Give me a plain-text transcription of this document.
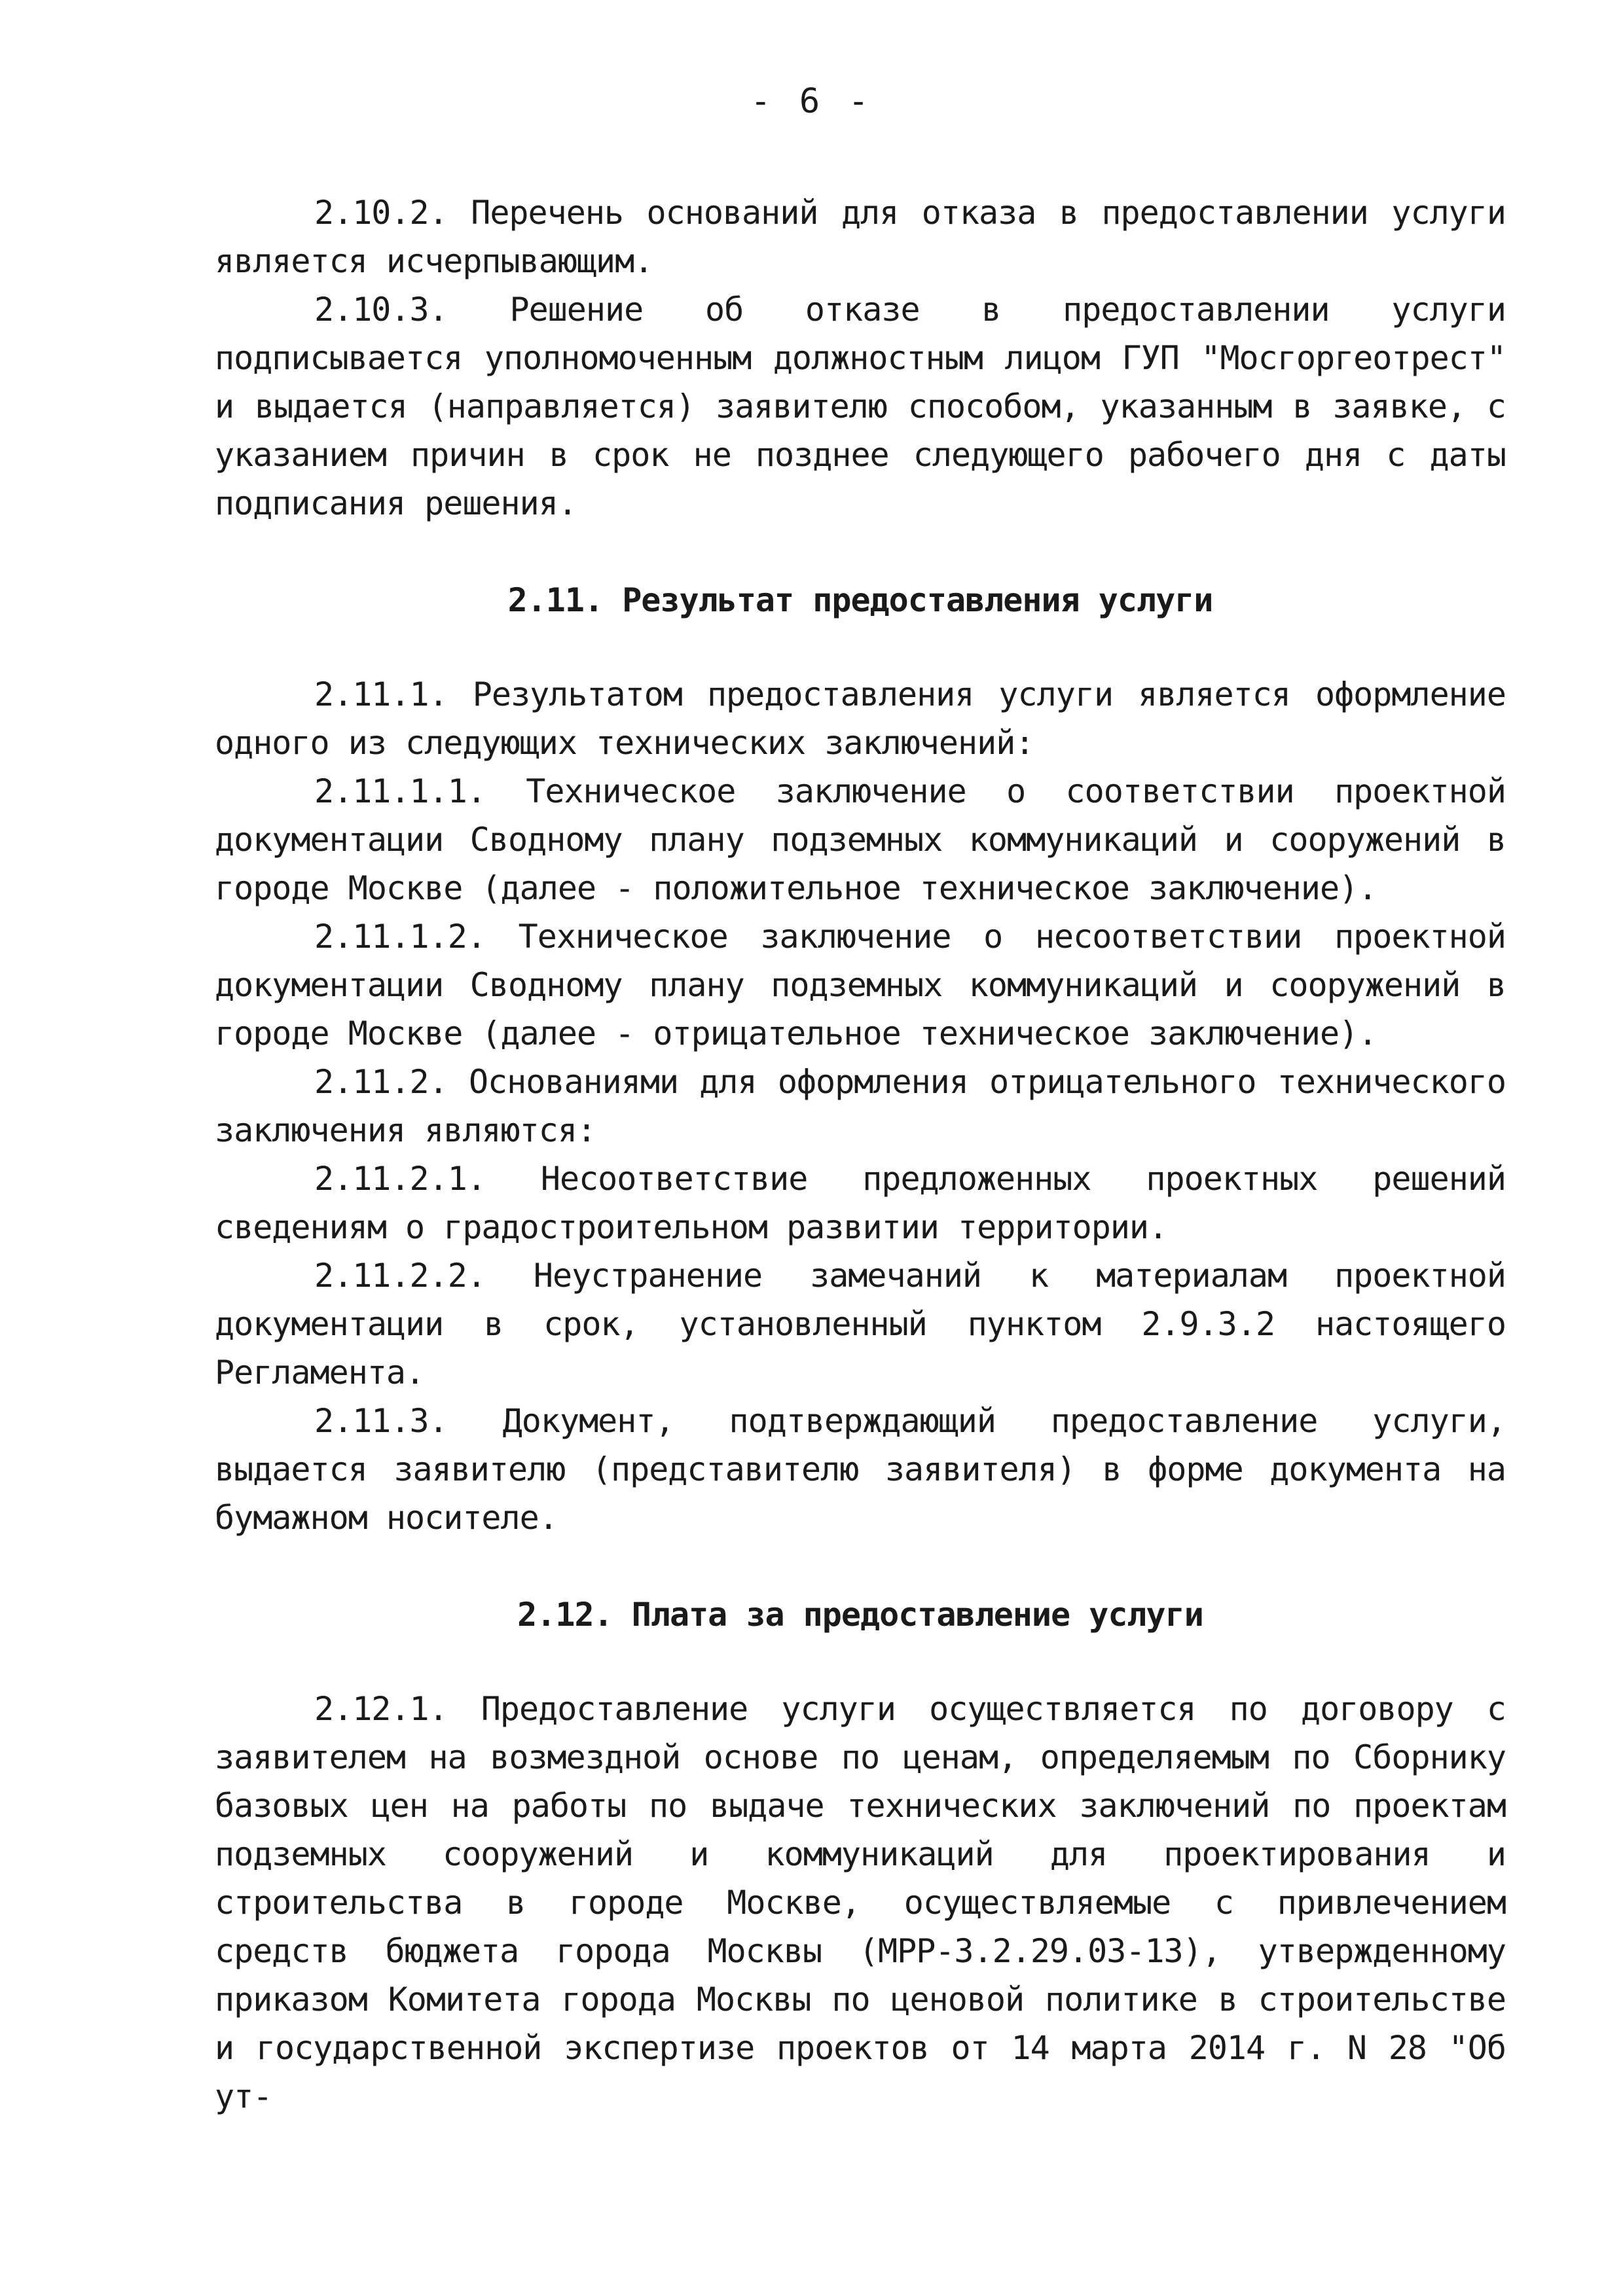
- 6 -

2.10.2. Перечень оснований для отказа в предоставлении услуги является исчерпывающим.

2.10.3. Решение об отказе в предоставлении услуги подписывается уполномоченным должностным лицом ГУП "Мосгоргеотрест" и выдается (направляется) заявителю способом, указанным в заявке, с указанием причин в срок не позднее следующего рабочего дня с даты подписания решения.

2.11. Результат предоставления услуги

2.11.1. Результатом предоставления услуги является оформление одного из следующих технических заключений:

2.11.1.1. Техническое заключение о соответствии проектной документации Сводному плану подземных коммуникаций и сооружений в городе Москве (далее - положительное техническое заключение).

2.11.1.2. Техническое заключение о несоответствии проектной документации Сводному плану подземных коммуникаций и сооружений в городе Москве (далее - отрицательное техническое заключение).

2.11.2. Основаниями для оформления отрицательного технического заключения являются:

2.11.2.1. Несоответствие предложенных проектных решений сведениям о градостроительном развитии территории.

2.11.2.2. Неустранение замечаний к материалам проектной документации в срок, установленный пунктом 2.9.3.2 настоящего Регламента.

2.11.3. Документ, подтверждающий предоставление услуги, выдается заявителю (представителю заявителя) в форме документа на бумажном носителе.

2.12. Плата за предоставление услуги

2.12.1. Предоставление услуги осуществляется по договору с заявителем на возмездной основе по ценам, определяемым по Сборнику базовых цен на работы по выдаче технических заключений по проектам подземных сооружений и коммуникаций для проектирования и строительства в городе Москве, осуществляемые с привлечением средств бюджета города Москвы (МРР-3.2.29.03-13), утвержденному приказом Комитета города Москвы по ценовой политике в строительстве и государственной экспертизе проектов от 14 марта 2014 г. N 28 "Об ут-
